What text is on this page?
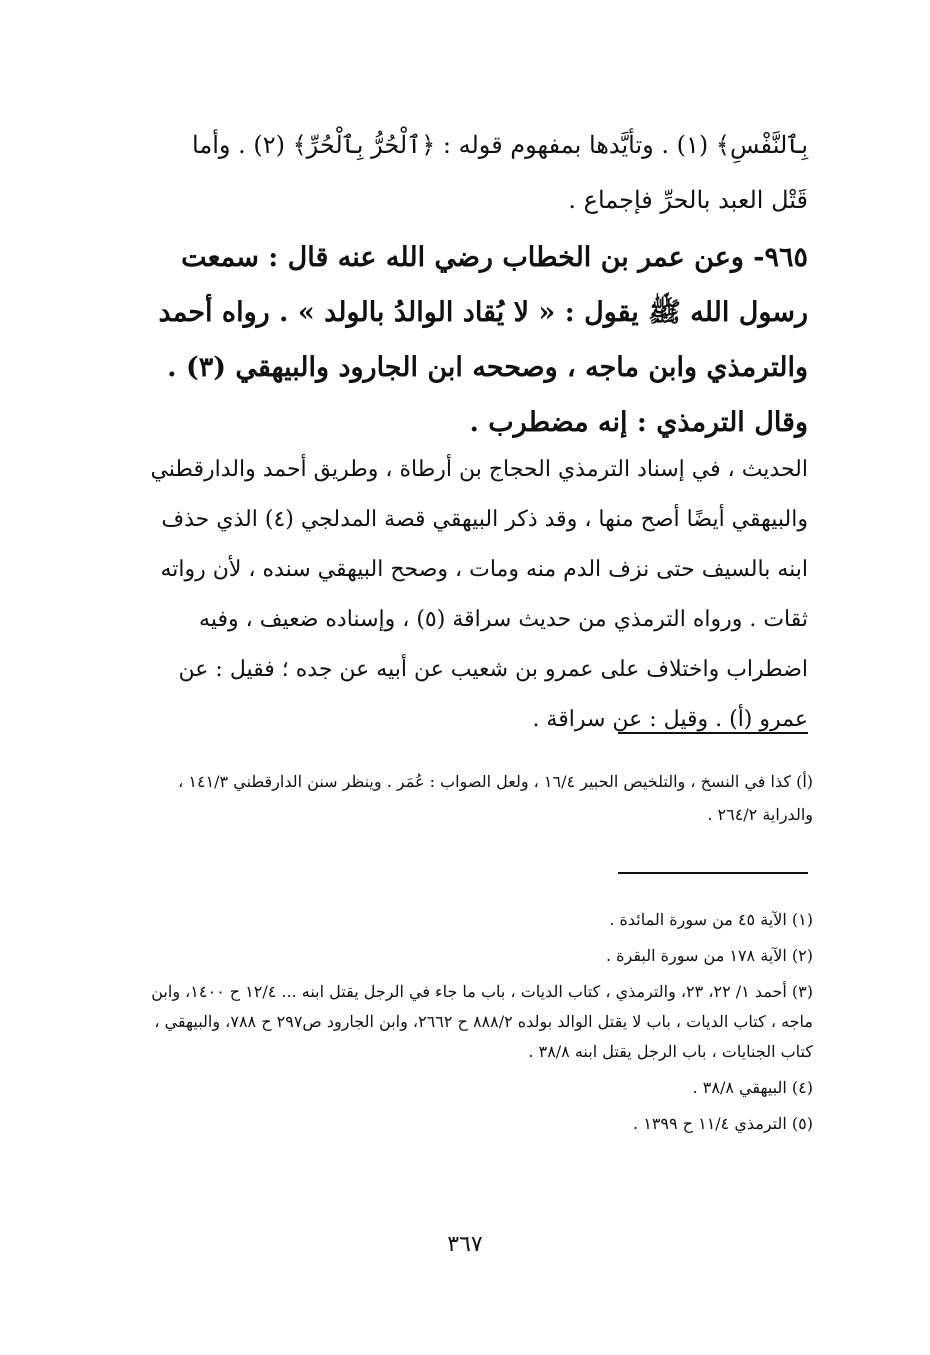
بِٱلنَّفْسِ﴾ (١) . وتأيَّدها بمفهوم قوله : ﴿ٱلْحُرُّ بِٱلْحُرِّ﴾ (٢) . وأما قَتْل العبد بالحرِّ فإجماع .

٩٦٥- وعن عمر بن الخطاب رضي الله عنه قال : سمعت رسول الله ﷺ يقول : « لا يُقاد الوالدُ بالولد » . رواه أحمد والترمذي وابن ماجه ، وصححه ابن الجارود والبيهقي (٣) . وقال الترمذي : إنه مضطرب .

الحديث ، في إسناد الترمذي الحجاج بن أرطاة ، وطريق أحمد والدارقطني والبيهقي أيضًا أصح منها ، وقد ذكر البيهقي قصة المدلجي (٤) الذي حذف ابنه بالسيف حتى نزف الدم منه ومات ، وصحح البيهقي سنده ، لأن رواته ثقات . ورواه الترمذي من حديث سراقة (٥) ، وإسناده ضعيف ، وفيه اضطراب واختلاف على عمرو بن شعيب عن أبيه عن جده ؛ فقيل : عن عمرو (أ) . وقيل : عن سراقة .

(أ) كذا في النسخ ، والتلخيص الحبير ١٦/٤ ، ولعل الصواب : عُمَر . وينظر سنن الدارقطني ١٤١/٣ ، والدراية ٢٦٤/٢ .

(١) الآية ٤٥ من سورة المائدة .
(٢) الآية ١٧٨ من سورة البقرة .
(٣) أحمد ١/ ٢٢، ٢٣، والترمذي ، كتاب الديات ، باب ما جاء في الرجل يقتل ابنه ... ١٢/٤ ح ١٤٠٠، وابن ماجه ، كتاب الديات ، باب لا يقتل الوالد بولده ٨٨٨/٢ ح ٢٦٦٢، وابن الجارود ص٢٩٧ ح ٧٨٨، والبيهقي ، كتاب الجنايات ، باب الرجل يقتل ابنه ٣٨/٨ .
(٤) البيهقي ٣٨/٨ .
(٥) الترمذي ١١/٤ ح ١٣٩٩ .
٣٦٧
